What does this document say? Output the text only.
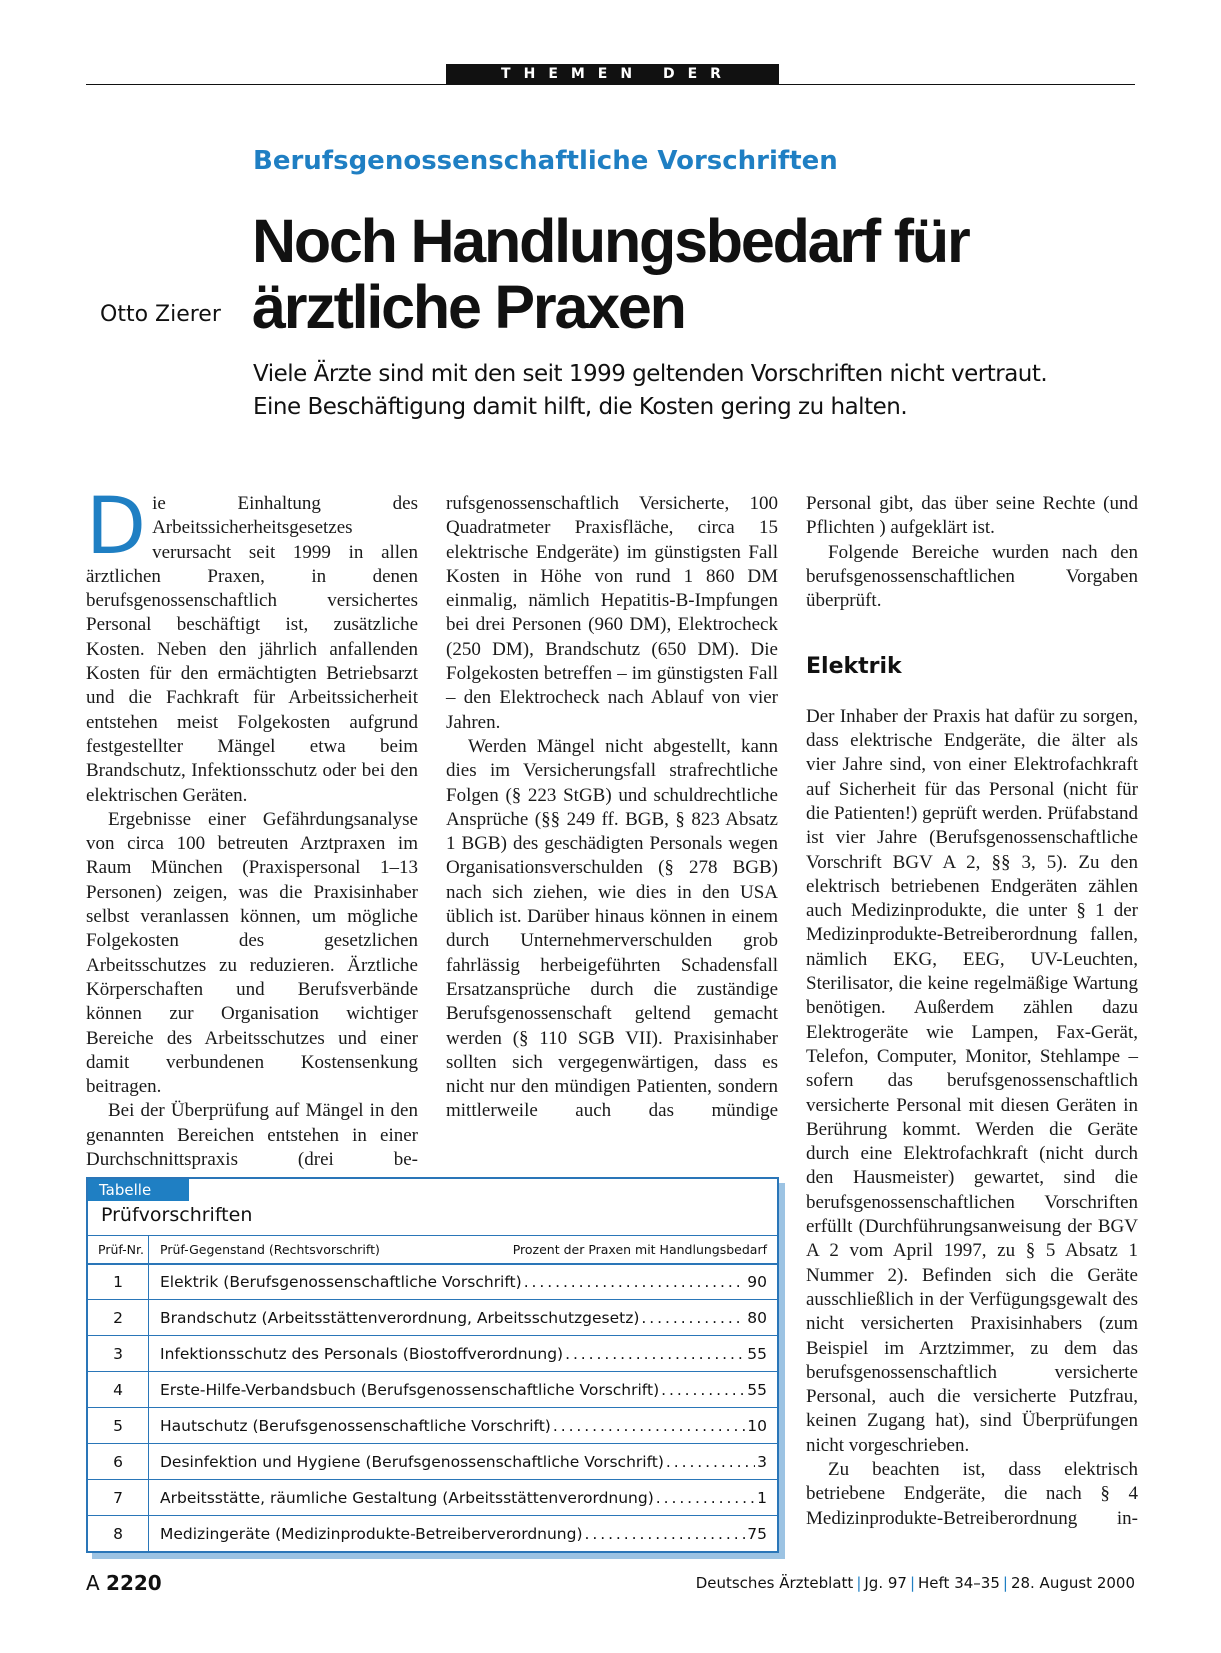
THEMEN DER ZEIT
Berufsgenossenschaftliche Vorschriften
Noch Handlungsbedarf für
ärztliche Praxen
Otto Zierer
Viele Ärzte sind mit den seit 1999 geltenden Vorschriften nicht vertraut.
Eine Beschäftigung damit hilft, die Kosten gering zu halten.

Die Einhaltung des Arbeitssicherheitsgesetzes verursacht seit 1999 in allen ärztlichen Praxen, in denen berufsgenossenschaftlich versichertes Personal beschäftigt ist, zusätzliche Kosten. Neben den jährlich anfallenden Kosten für den ermächtigten Betriebsarzt und die Fachkraft für Arbeitssicherheit entstehen meist Folgekosten aufgrund festgestellter Mängel etwa beim Brandschutz, Infektionsschutz oder bei den elektrischen Geräten.

Ergebnisse einer Gefährdungsanalyse von circa 100 betreuten Arztpraxen im Raum München (Praxispersonal 1–13 Personen) zeigen, was die Praxisinhaber selbst veranlassen können, um mögliche Folgekosten des gesetzlichen Arbeitsschutzes zu reduzieren. Ärztliche Körperschaften und Berufsverbände können zur Organisation wichtiger Bereiche des Arbeitsschutzes und einer damit verbundenen Kostensenkung beitragen.

Bei der Überprüfung auf Mängel in den genannten Bereichen entstehen in einer Durchschnittspraxis (drei be-

rufsgenossenschaftlich Versicherte, 100 Quadratmeter Praxisfläche, circa 15 elektrische Endgeräte) im günstigsten Fall Kosten in Höhe von rund 1 860 DM einmalig, nämlich Hepatitis-B-Impfungen bei drei Personen (960 DM), Elektrocheck (250 DM), Brandschutz (650 DM). Die Folgekosten betreffen – im günstigsten Fall – den Elektrocheck nach Ablauf von vier Jahren.

Werden Mängel nicht abgestellt, kann dies im Versicherungsfall strafrechtliche Folgen (§ 223 StGB) und schuldrechtliche Ansprüche (§§ 249 ff. BGB, § 823 Absatz 1 BGB) des geschädigten Personals wegen Organisationsverschulden (§ 278 BGB) nach sich ziehen, wie dies in den USA üblich ist. Darüber hinaus können in einem durch Unternehmerverschulden grob fahrlässig herbeigeführten Schadensfall Ersatzansprüche durch die zuständige Berufsgenossenschaft geltend gemacht werden (§ 110 SGB VII). Praxisinhaber sollten sich vergegenwärtigen, dass es nicht nur den mündigen Patienten, sondern mittlerweile auch das mündige

Personal gibt, das über seine Rechte (und Pflichten ) aufgeklärt ist.

Folgende Bereiche wurden nach den berufsgenossenschaftlichen Vorgaben überprüft.

Elektrik

Der Inhaber der Praxis hat dafür zu sorgen, dass elektrische Endgeräte, die älter als vier Jahre sind, von einer Elektrofachkraft auf Sicherheit für das Personal (nicht für die Patienten!) geprüft werden. Prüfabstand ist vier Jahre (Berufsgenossenschaftliche Vorschrift BGV A 2, §§ 3, 5). Zu den elektrisch betriebenen Endgeräten zählen auch Medizinprodukte, die unter § 1 der Medizinprodukte-Betreiberordnung fallen, nämlich EKG, EEG, UV-Leuchten, Sterilisator, die keine regelmäßige Wartung benötigen. Außerdem zählen dazu Elektrogeräte wie Lampen, Fax-Gerät, Telefon, Computer, Monitor, Stehlampe – sofern das berufsgenossenschaftlich versicherte Personal mit diesen Geräten in Berührung kommt. Werden die Geräte durch eine Elektrofachkraft (nicht durch den Hausmeister) gewartet, sind die berufsgenossenschaftlichen Vorschriften erfüllt (Durchführungsanweisung der BGV A 2 vom April 1997, zu § 5 Absatz 1 Nummer 2). Befinden sich die Geräte ausschließlich in der Verfügungsgewalt des nicht versicherten Praxisinhabers (zum Beispiel im Arztzimmer, zu dem das berufsgenossenschaftlich versicherte Personal, auch die versicherte Putzfrau, keinen Zugang hat), sind Überprüfungen nicht vorgeschrieben.

Zu beachten ist, dass elektrisch betriebene Endgeräte, die nach § 4 Medizinprodukte-Betreiberordnung in-

Tabelle
Prüfvorschriften
Prüf-Nr. Prüf-Gegenstand (Rechtsvorschrift)	Prozent der Praxen mit Handlungsbedarf
1	Elektrik (Berufsgenossenschaftliche Vorschrift) . . .	90
2	Brandschutz (Arbeitsstättenverordnung, Arbeitsschutzgesetz) . . .	80
3	Infektionsschutz des Personals (Biostoffverordnung) . . .	55
4	Erste-Hilfe-Verbandsbuch (Berufsgenossenschaftliche Vorschrift) . . .	55
5	Hautschutz (Berufsgenossenschaftliche Vorschrift) . . .	10
6	Desinfektion und Hygiene (Berufsgenossenschaftliche Vorschrift) . . .	3
7	Arbeitsstätte, räumliche Gestaltung (Arbeitsstättenverordnung) . . .	1
8	Medizingeräte (Medizinprodukte-Betreiberverordnung) . . .	75
A 2220	Deutsches Ärzteblatt | Jg. 97 | Heft 34–35 | 28. August 2000
